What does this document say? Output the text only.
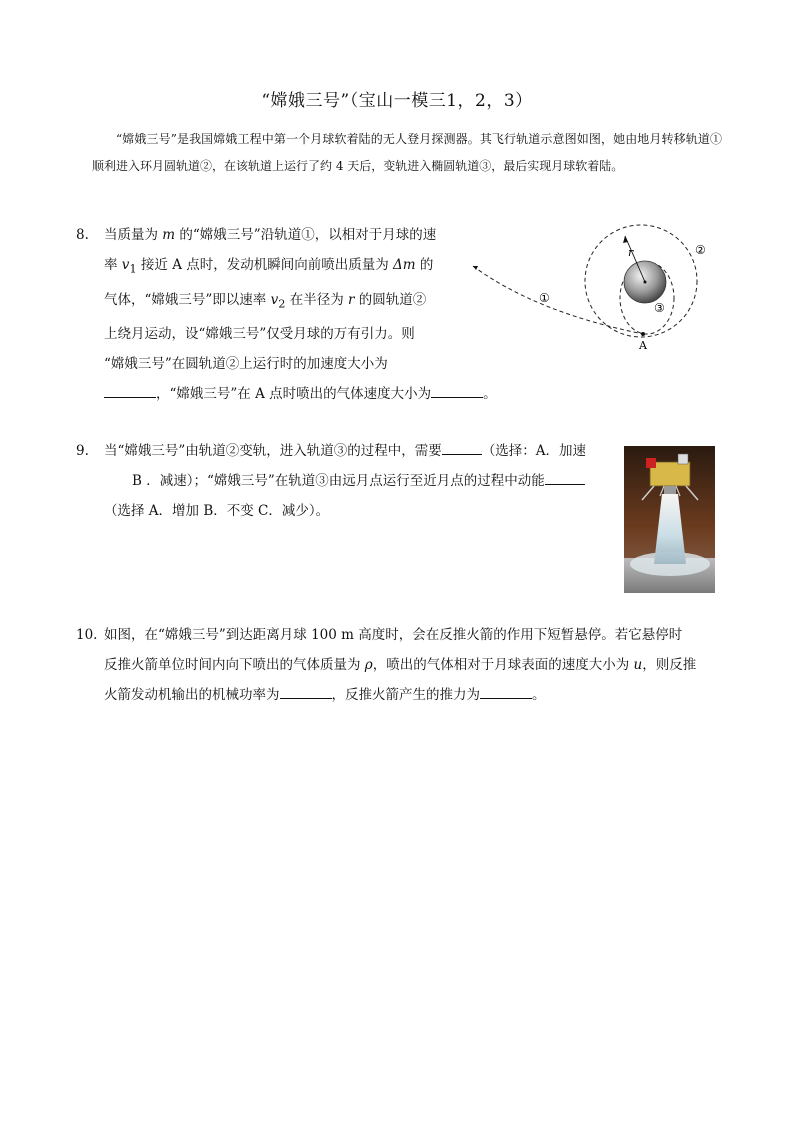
“嫦娥三号”（宝山一模三1，2，3）
“嫦娥三号”是我国嫦娥工程中第一个月球软着陆的无人登月探测器。其飞行轨道示意图如图，她由地月转移轨道①顺利进入环月圆轨道②，在该轨道上运行了约 4 天后，变轨进入椭圆轨道③，最后实现月球软着陆。
8. 当质量为 m 的“嫦娥三号”沿轨道①，以相对于月球的速
率 $v_1$ 接近 A 点时，发动机瞬间向前喷出质量为 Δm 的
气体，“嫦娥三号”即以速率 $v_2$ 在半径为 r 的圆轨道②
上绕月运动，设“嫦娥三号”仅受月球的万有引力。则
“嫦娥三号”在圆轨道②上运行时的加速度大小为
，“嫦娥三号”在 A 点时喷出的气体速度大小为	。
r
①
②
③
A
9. 当“嫦娥三号”由轨道②变轨，进入轨道③的过程中，需要	（选择：A．加速
B ．减速）；“嫦娥三号”在轨道③由远月点运行至近月点的过程中动能
（选择 A．增加 B．不变 C．减少）。
10. 如图，在“嫦娥三号”到达距离月球 100 m 高度时，会在反推火箭的作用下短暂悬停。若它悬停时
反推火箭单位时间内向下喷出的气体质量为 ρ，喷出的气体相对于月球表面的速度大小为 u，则反推
火箭发动机输出的机械功率为	，反推火箭产生的推力为	。
